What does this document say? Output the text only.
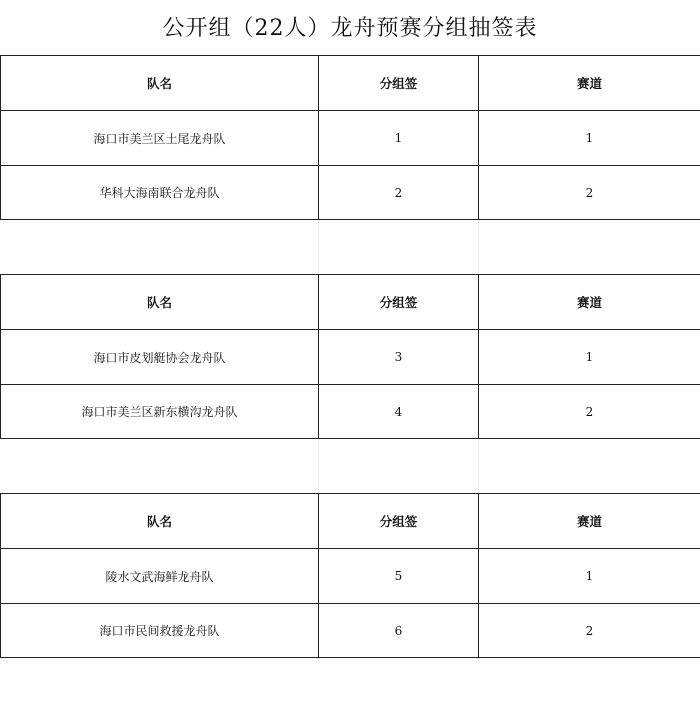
公开组（22人）龙舟预赛分组抽签表
队名	分组签	赛道
海口市美兰区土尾龙舟队	1	1
华科大海南联合龙舟队	2	2
队名	分组签	赛道
海口市皮划艇协会龙舟队	3	1
海口市美兰区新东横沟龙舟队	4	2
队名	分组签	赛道
陵水文武海鲜龙舟队	5	1
海口市民间救援龙舟队	6	2
